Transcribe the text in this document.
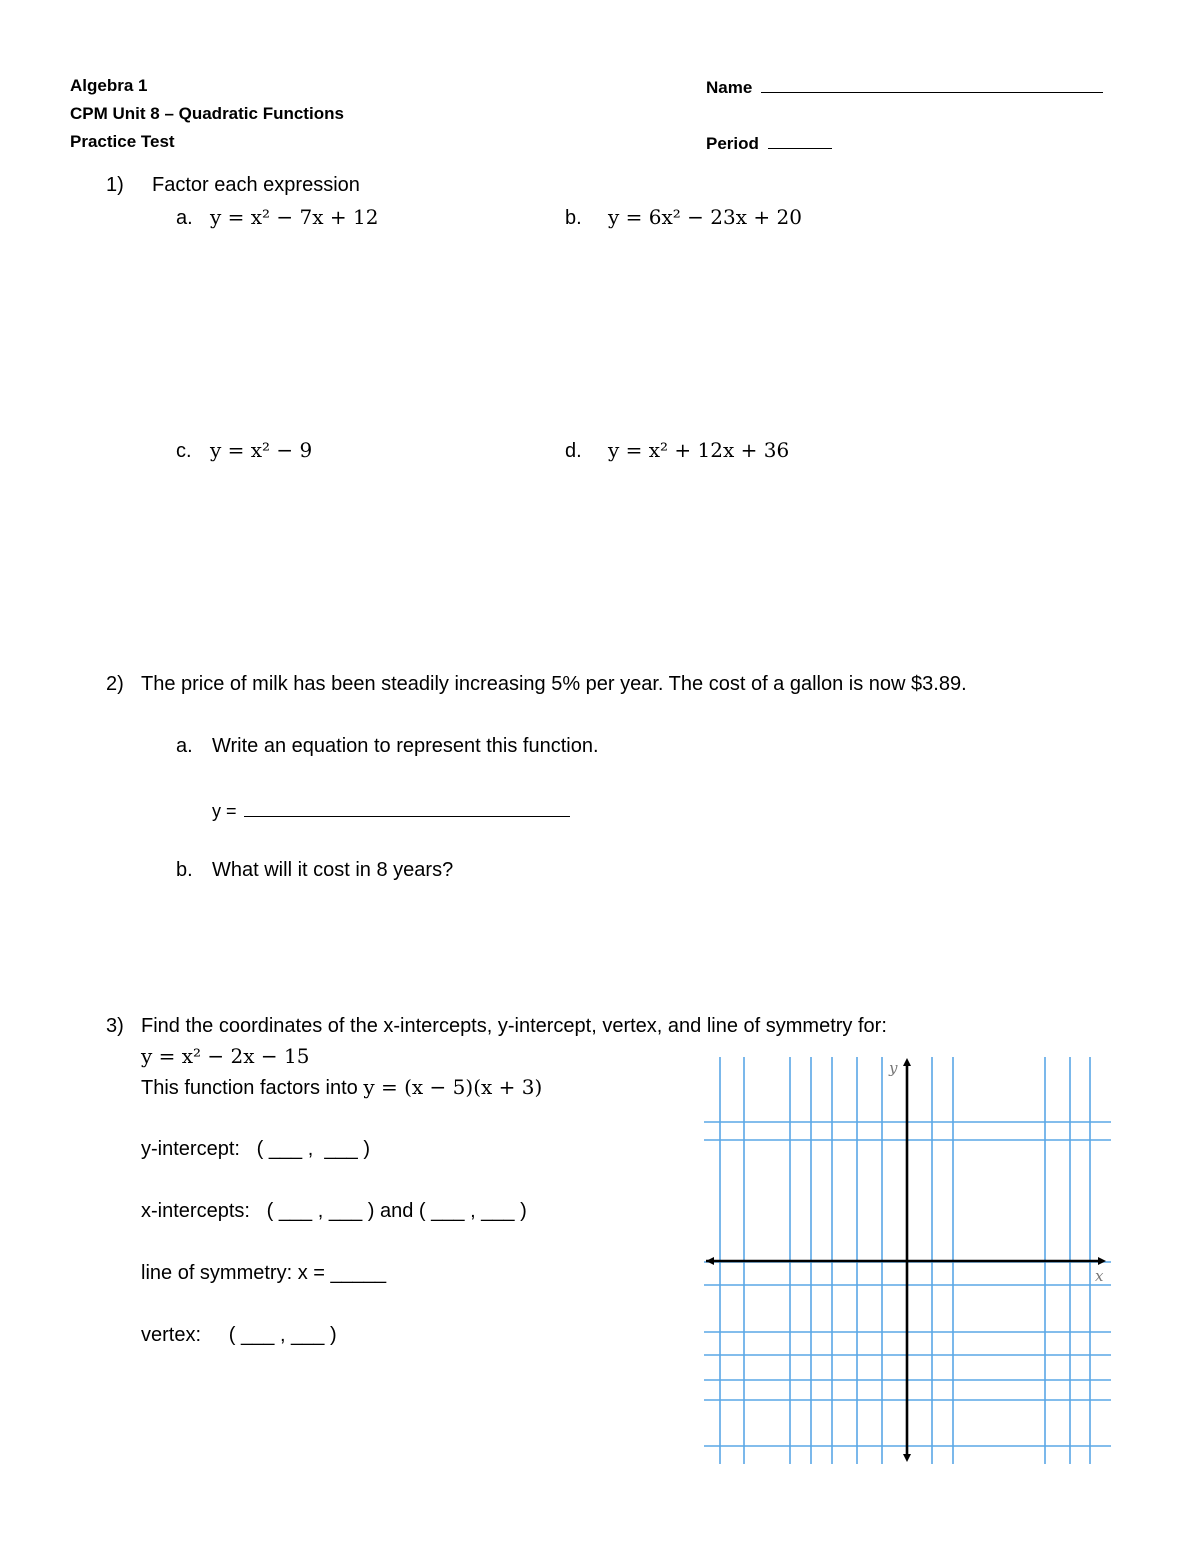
Algebra 1
CPM Unit 8 – Quadratic Functions
Practice Test
Name
Period
1) Factor each expression
a. y = x² − 7x + 12	b. y = 6x² − 23x + 20
c. y = x² − 9	d. y = x² + 12x + 36
2) The price of milk has been steadily increasing 5% per year. The cost of a gallon is now $3.89.
a. Write an equation to represent this function.
y =
b. What will it cost in 8 years?
3) Find the coordinates of the x-intercepts, y-intercept, vertex, and line of symmetry for:
y = x² − 2x − 15
This function factors into y = (x − 5)(x + 3)
y-intercept:   ( ___ ,  ___ )
x-intercepts:   ( ___ , ___ ) and ( ___ , ___ )
line of symmetry: x = _____
vertex:     ( ___ , ___ )
y
x
